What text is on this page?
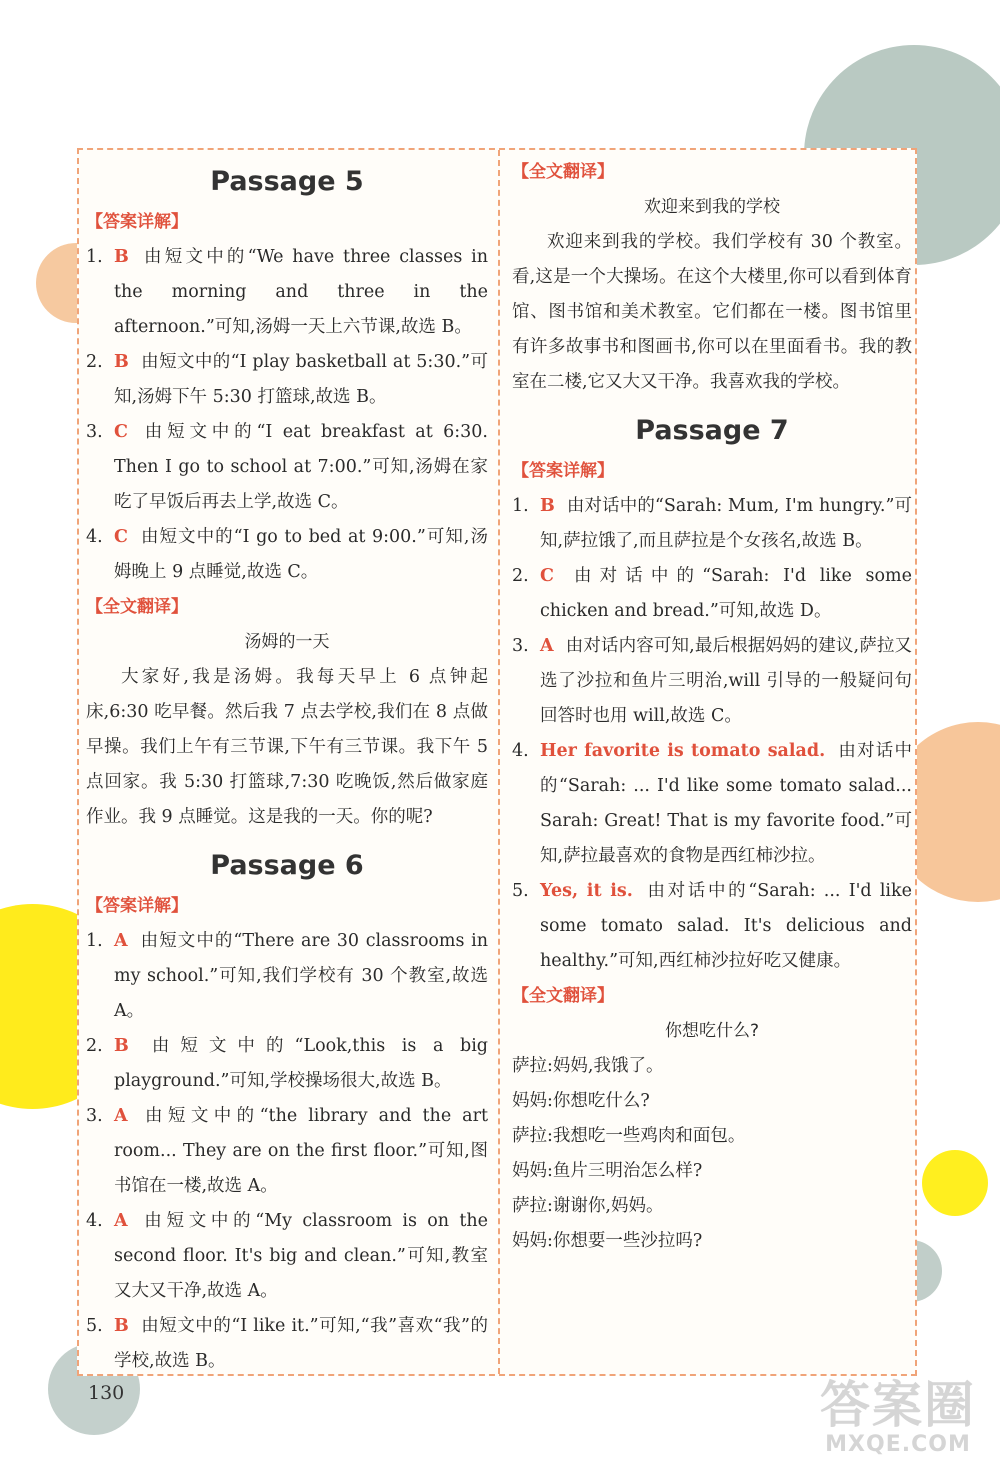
Passage 5
【答案详解】
1. B 由短文中的“We have three classes in the morning and three in the afternoon.”可知,汤姆一天上六节课,故选 B。
2. B 由短文中的“I play basketball at 5:30.”可知,汤姆下午 5:30 打篮球,故选 B。
3. C 由短文中的“I eat breakfast at 6:30. Then I go to school at 7:00.”可知,汤姆在家吃了早饭后再去上学,故选 C。
4. C 由短文中的“I go to bed at 9:00.”可知,汤姆晚上 9 点睡觉,故选 C。
【全文翻译】
汤姆的一天

大家好,我是汤姆。我每天早上 6 点钟起床,6:30 吃早餐。然后我 7 点去学校,我们在 8 点做早操。我们上午有三节课,下午有三节课。我下午 5 点回家。我 5:30 打篮球,7:30 吃晚饭,然后做家庭作业。我 9 点睡觉。这是我的一天。你的呢?

Passage 6
【答案详解】
1. A 由短文中的“There are 30 classrooms in my school.”可知,我们学校有 30 个教室,故选 A。
2. B 由短文中的“Look,this is a big playground.”可知,学校操场很大,故选 B。
3. A 由短文中的“the library and the art room... They are on the first floor.”可知,图书馆在一楼,故选 A。
4. A 由短文中的“My classroom is on the second floor. It's big and clean.”可知,教室又大又干净,故选 A。
5. B 由短文中的“I like it.”可知,“我”喜欢“我”的学校,故选 B。
【全文翻译】
欢迎来到我的学校

欢迎来到我的学校。我们学校有 30 个教室。看,这是一个大操场。在这个大楼里,你可以看到体育馆、图书馆和美术教室。它们都在一楼。图书馆里有许多故事书和图画书,你可以在里面看书。我的教室在二楼,它又大又干净。我喜欢我的学校。

Passage 7
【答案详解】
1. B 由对话中的“Sarah: Mum, I'm hungry.”可知,萨拉饿了,而且萨拉是个女孩名,故选 B。
2. C 由对话中的“Sarah: I'd like some chicken and bread.”可知,故选 D。
3. A 由对话内容可知,最后根据妈妈的建议,萨拉又选了沙拉和鱼片三明治,will 引导的一般疑问句回答时也用 will,故选 C。
4. Her favorite is tomato salad. 由对话中的“Sarah: ... I'd like some tomato salad... Sarah: Great! That is my favorite food.”可知,萨拉最喜欢的食物是西红柿沙拉。
5. Yes, it is. 由对话中的“Sarah: ... I'd like some tomato salad. It's delicious and healthy.”可知,西红柿沙拉好吃又健康。
【全文翻译】
你想吃什么?

萨拉:妈妈,我饿了。

妈妈:你想吃什么?

萨拉:我想吃一些鸡肉和面包。

妈妈:鱼片三明治怎么样?

萨拉:谢谢你,妈妈。

妈妈:你想要一些沙拉吗?

130	答案圈
MXQE.COM
